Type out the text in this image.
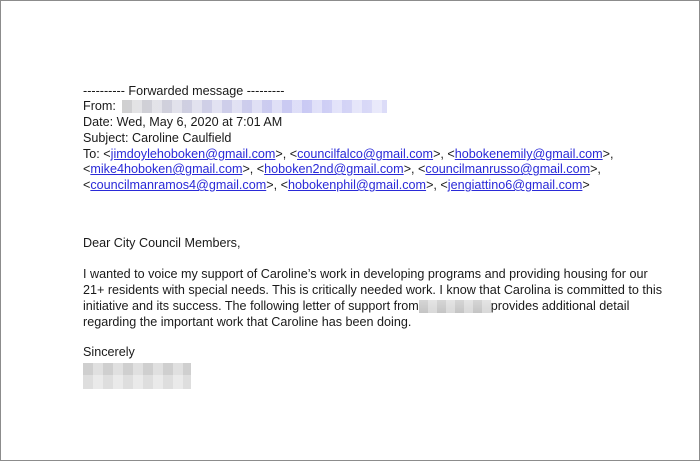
---------- Forwarded message ---------
From:
Date: Wed, May 6, 2020 at 7:01 AM
Subject: Caroline Caulfield
To: <jimdoylehoboken@gmail.com>, <councilfalco@gmail.com>, <hobokenemily@gmail.com>,
<mike4hoboken@gmail.com>, <hoboken2nd@gmail.com>, <councilmanrusso@gmail.com>,
<councilmanramos4@gmail.com>, <hobokenphil@gmail.com>, <jengiattino6@gmail.com>
Dear City Council Members,
I wanted to voice my support of Caroline’s work in developing programs and providing housing for our
21+ residents with special needs. This is critically needed work. I know that Carolina is committed to this
initiative and its success. The following letter of support from	provides additional detail
regarding the important work that Caroline has been doing.
Sincerely
